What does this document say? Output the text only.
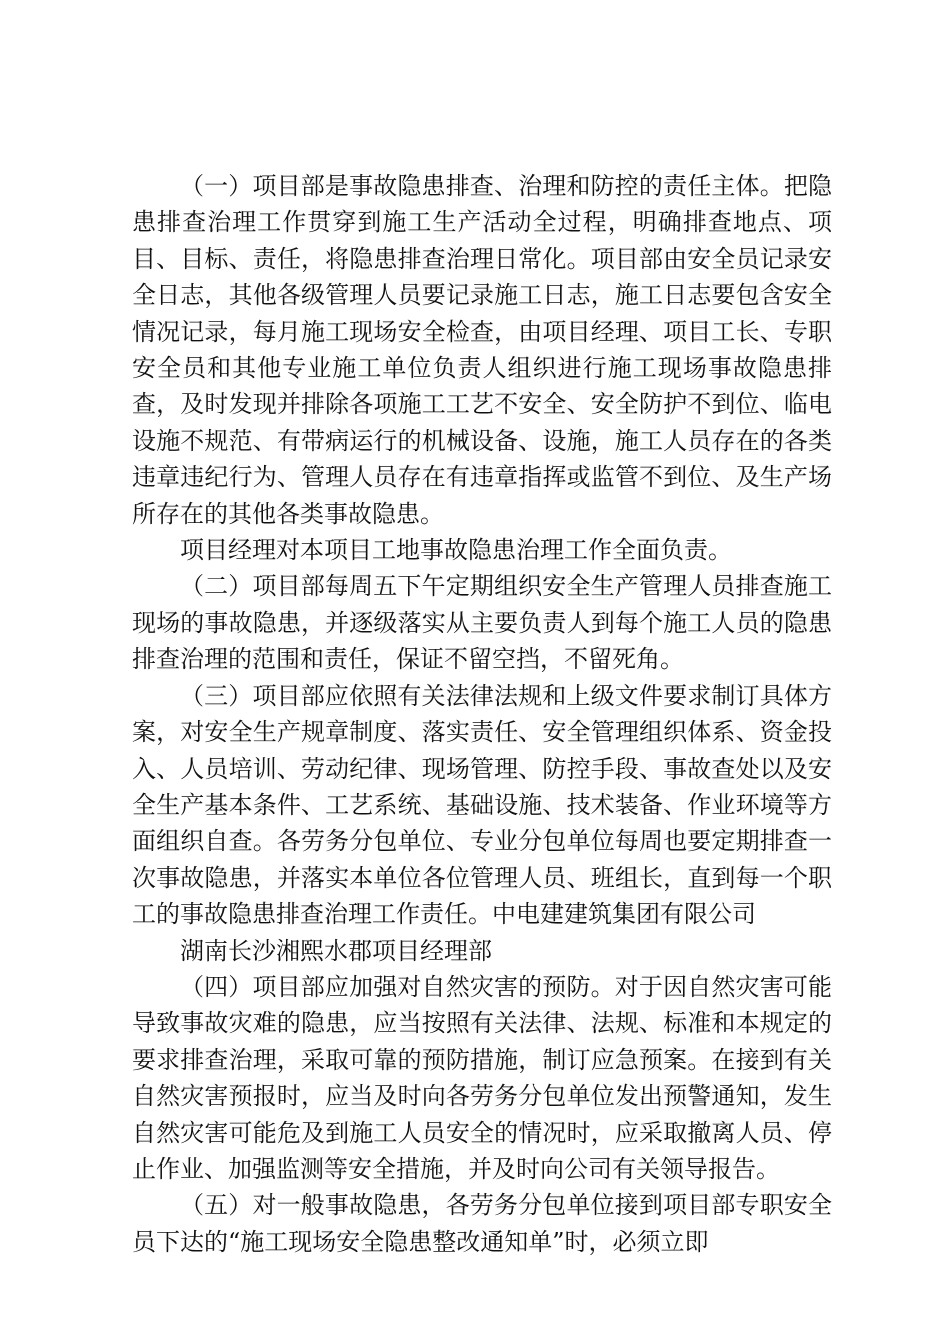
（一）项目部是事故隐患排查、治理和防控的责任主体。把隐患排查治理工作贯穿到施工生产活动全过程，明确排查地点、项目、目标、责任，将隐患排查治理日常化。项目部由安全员记录安全日志，其他各级管理人员要记录施工日志，施工日志要包含安全情况记录，每月施工现场安全检查，由项目经理、项目工长、专职安全员和其他专业施工单位负责人组织进行施工现场事故隐患排查，及时发现并排除各项施工工艺不安全、安全防护不到位、临电设施不规范、有带病运行的机械设备、设施，施工人员存在的各类违章违纪行为、管理人员存在有违章指挥或监管不到位、及生产场所存在的其他各类事故隐患。

项目经理对本项目工地事故隐患治理工作全面负责。

（二）项目部每周五下午定期组织安全生产管理人员排查施工现场的事故隐患，并逐级落实从主要负责人到每个施工人员的隐患排查治理的范围和责任，保证不留空挡，不留死角。

（三）项目部应依照有关法律法规和上级文件要求制订具体方案，对安全生产规章制度、落实责任、安全管理组织体系、资金投入、人员培训、劳动纪律、现场管理、防控手段、事故查处以及安全生产基本条件、工艺系统、基础设施、技术装备、作业环境等方面组织自查。各劳务分包单位、专业分包单位每周也要定期排查一次事故隐患，并落实本单位各位管理人员、班组长，直到每一个职工的事故隐患排查治理工作责任。中电建建筑集团有限公司

湖南长沙湘熙水郡项目经理部

（四）项目部应加强对自然灾害的预防。对于因自然灾害可能导致事故灾难的隐患，应当按照有关法律、法规、标准和本规定的要求排查治理，采取可靠的预防措施，制订应急预案。在接到有关自然灾害预报时，应当及时向各劳务分包单位发出预警通知，发生自然灾害可能危及到施工人员安全的情况时，应采取撤离人员、停止作业、加强监测等安全措施，并及时向公司有关领导报告。

（五）对一般事故隐患，各劳务分包单位接到项目部专职安全员下达的“施工现场安全隐患整改通知单”时，必须立即
